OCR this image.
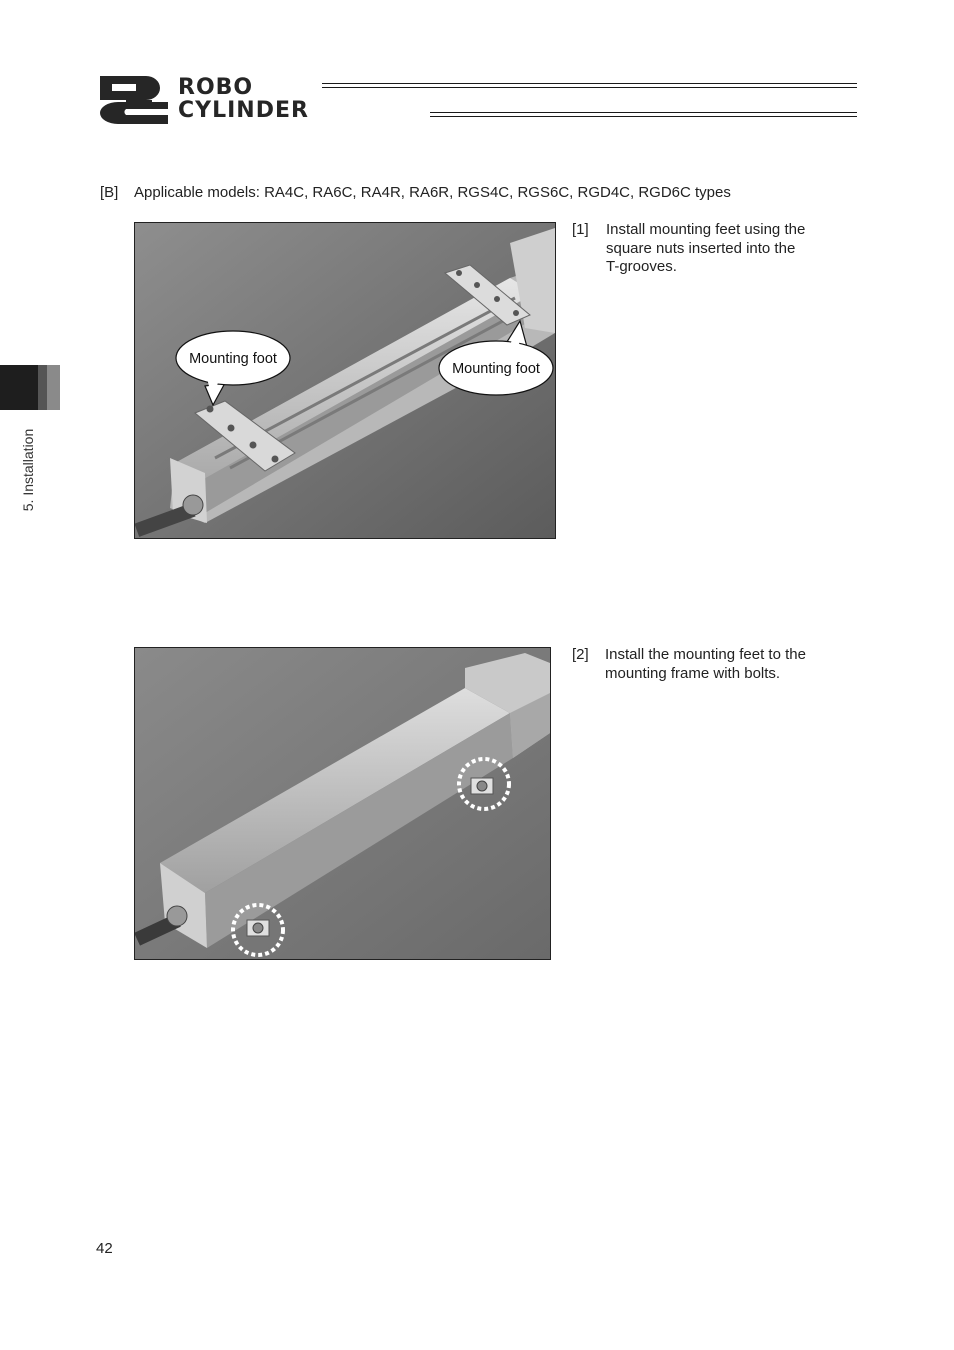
ROBO
CYLINDER
5. Installation
[B] Applicable models: RA4C, RA6C, RA4R, RA6R, RGS4C, RGS6C, RGD4C, RGD6C types
Mounting foot
Mounting foot
[1] Install mounting feet using the
square nuts inserted into the
T-grooves.
[2] Install the mounting feet to the
mounting frame with bolts.
42
